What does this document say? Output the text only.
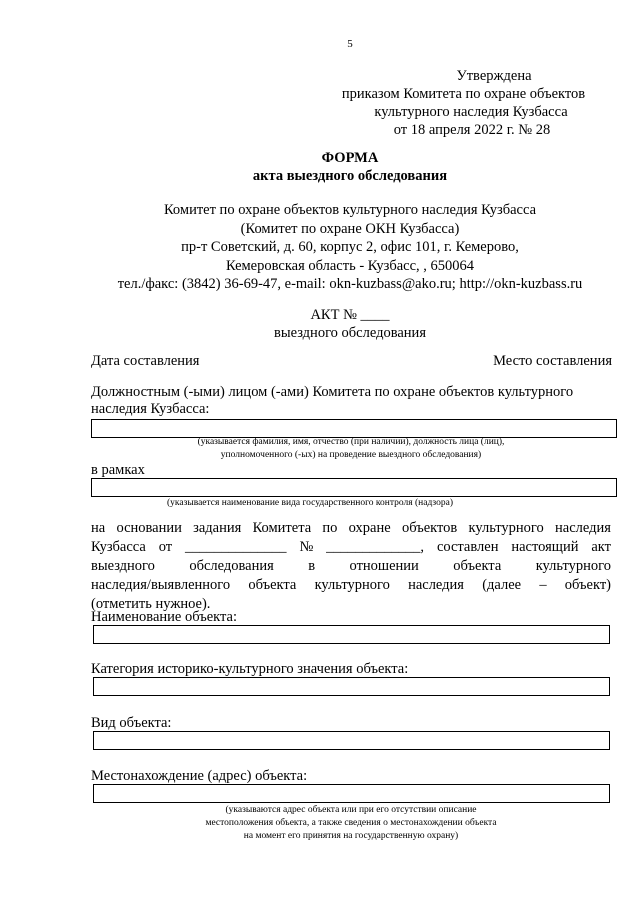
5
Утверждена
приказом Комитета по охране объектов
культурного наследия Кузбасса
от 18 апреля 2022 г. № 28
ФОРМА
акта выездного обследования
Комитет по охране объектов культурного наследия Кузбасса
(Комитет по охране ОКН Кузбасса)
пр-т Советский, д. 60, корпус 2, офис 101, г. Кемерово,
Кемеровская область - Кузбасс, , 650064
тел./факс: (3842) 36-69-47, e-mail: okn-kuzbass@ako.ru; http://okn-kuzbass.ru
АКТ № ____
выездного обследования
Дата составления	Место составления
Должностным (-ыми) лицом (-ами) Комитета по охране объектов культурного
наследия Кузбасса:
(указывается фамилия, имя, отчество (при наличии), должность лица (лиц),
уполномоченного (-ых) на проведение выездного обследования)
в рамках
(указывается наименование вида государственного контроля (надзора)
на основании задания Комитета по охране объектов культурного наследия
Кузбасса от ______________ № _____________, составлен настоящий акт
выездного обследования в отношении объекта культурного
наследия/выявленного объекта культурного наследия (далее – объект)
(отметить нужное).
Наименование объекта:
Категория историко-культурного значения объекта:
Вид объекта:
Местонахождение (адрес) объекта:
(указываются адрес объекта или при его отсутствии описание
местоположения объекта, а также сведения о местонахождении объекта
на момент его принятия на государственную охрану)
